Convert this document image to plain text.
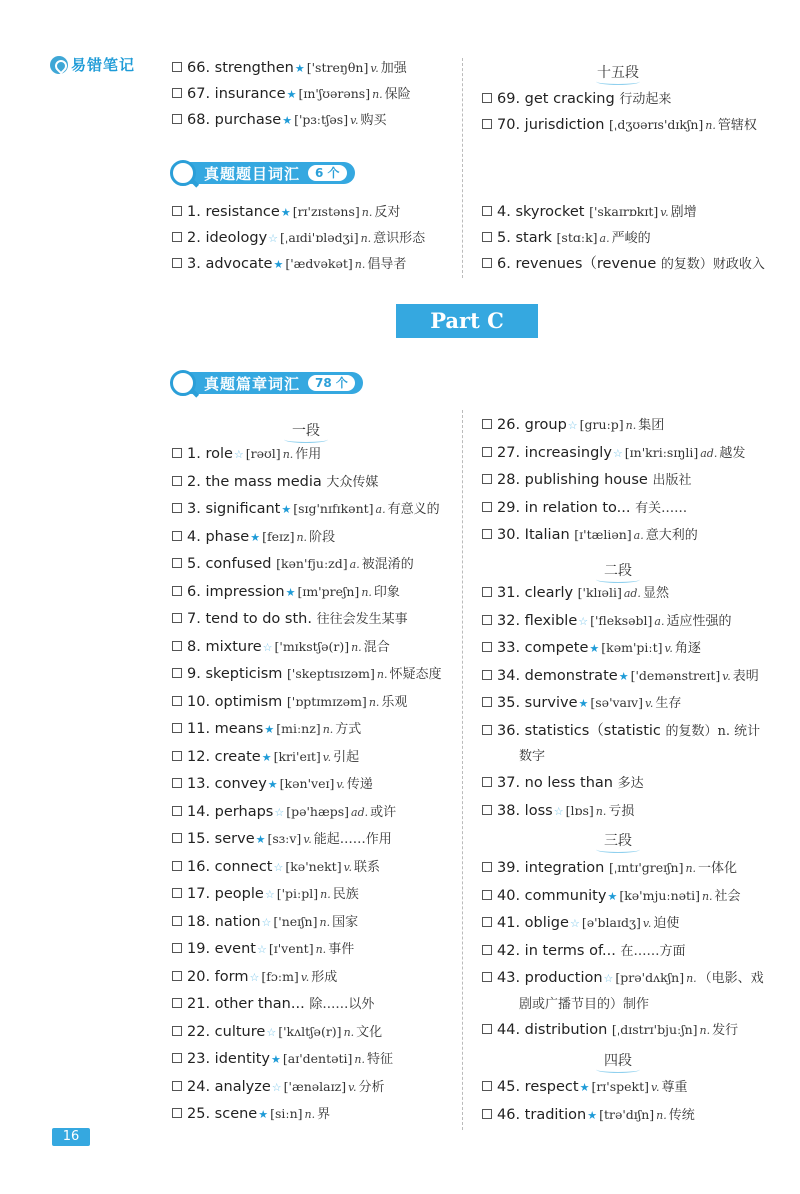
易错笔记	66. strengthen★ ['streŋθn] v. 加强
67. insurance★ [ɪn'ʃʊərəns] n. 保险
68. purchase★ ['pɜːtʃəs] v. 购买
十五段
69. get cracking 行动起来
70. jurisdiction [ˌdʒʊərɪs'dɪkʃn] n. 管辖权
真题题目词汇	6 个
1. resistance★ [rɪ'zɪstəns] n. 反对
2. ideology☆ [ˌaɪdi'ɒlədʒi] n. 意识形态
3. advocate★ ['ædvəkət] n. 倡导者
4. skyrocket ['skaɪrɒkɪt] v. 剧增
5. stark [stɑːk] a. 严峻的
6. revenues（revenue 的复数）财政收入
Part C
真题篇章词汇	78 个
一段
1. role☆ [rəʊl] n. 作用
2. the mass media 大众传媒
3. significant★ [sɪg'nɪfɪkənt] a. 有意义的
4. phase★ [feɪz] n. 阶段
5. confused [kən'fjuːzd] a. 被混淆的
6. impression★ [ɪm'preʃn] n. 印象
7. tend to do sth. 往往会发生某事
8. mixture☆ ['mɪkstʃə(r)] n. 混合
9. skepticism ['skeptɪsɪzəm] n. 怀疑态度
10. optimism ['ɒptɪmɪzəm] n. 乐观
11. means★ [miːnz] n. 方式
12. create★ [kri'eɪt] v. 引起
13. convey★ [kən'veɪ] v. 传递
14. perhaps☆ [pə'hæps] ad. 或许
15. serve★ [sɜːv] v. 能起……作用
16. connect☆ [kə'nekt] v. 联系
17. people☆ ['piːpl] n. 民族
18. nation☆ ['neɪʃn] n. 国家
19. event☆ [ɪ'vent] n. 事件
20. form☆ [fɔːm] v. 形成
21. other than... 除……以外
22. culture☆ ['kʌltʃə(r)] n. 文化
23. identity★ [aɪ'dentəti] n. 特征
24. analyze☆ ['ænəlaɪz] v. 分析
25. scene★ [siːn] n. 界
26. group☆ [gruːp] n. 集团
27. increasingly☆ [ɪn'kriːsɪŋli] ad. 越发
28. publishing house 出版社
29. in relation to... 有关……
30. Italian [ɪ'tæliən] a. 意大利的
二段
31. clearly ['klɪəli] ad. 显然
32. flexible☆ ['fleksəbl] a. 适应性强的
33. compete★ [kəm'piːt] v. 角逐
34. demonstrate★ ['demənstreɪt] v. 表明
35. survive★ [sə'vaɪv] v. 生存
36. statistics（statistic 的复数）n. 统计
数字
37. no less than 多达
38. loss☆ [lɒs] n. 亏损
三段
39. integration [ˌɪntɪ'greɪʃn] n. 一体化
40. community★ [kə'mjuːnəti] n. 社会
41. oblige☆ [ə'blaɪdʒ] v. 迫使
42. in terms of... 在……方面
43. production☆ [prə'dʌkʃn] n. （电影、戏
剧或广播节目的）制作
44. distribution [ˌdɪstrɪ'bjuːʃn] n. 发行
四段
45. respect★ [rɪ'spekt] v. 尊重
46. tradition★ [trə'dɪʃn] n. 传统
16
